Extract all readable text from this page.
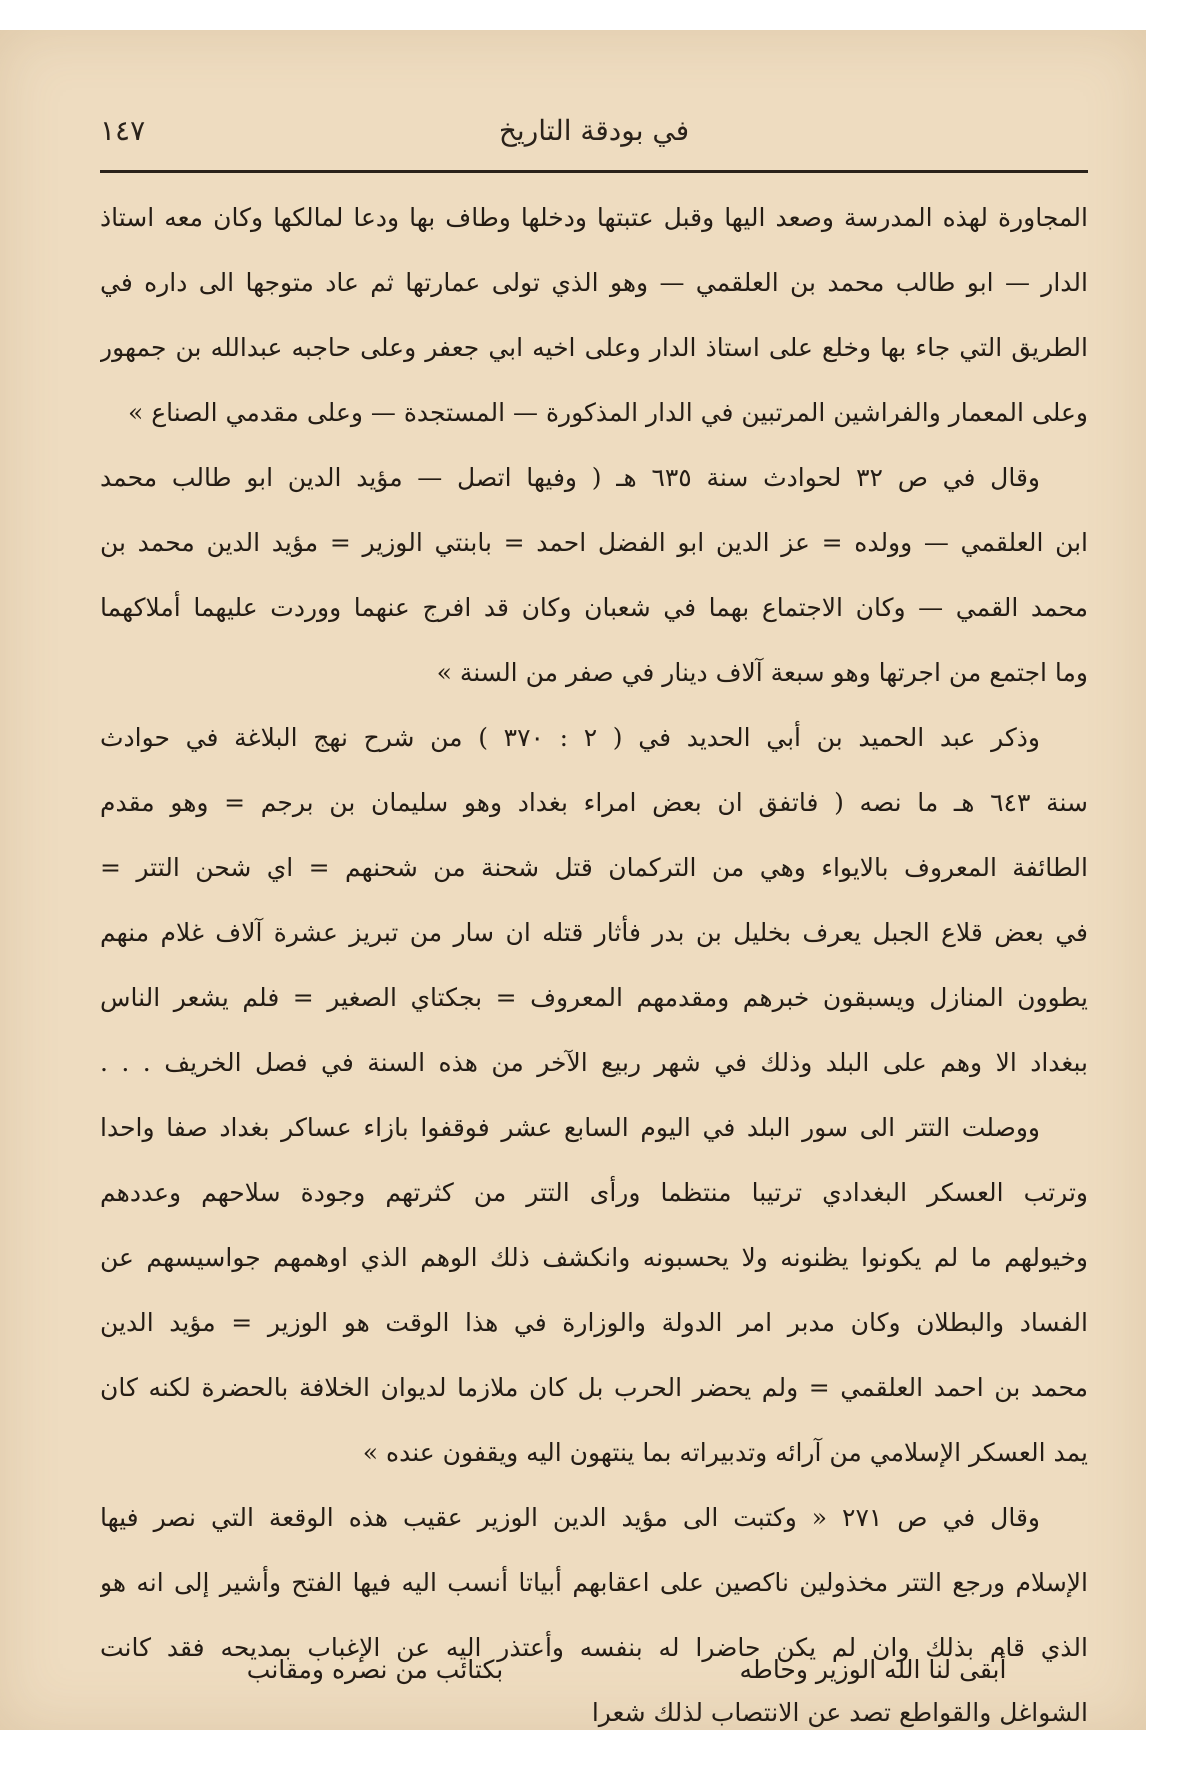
في بودقة التاريخ
١٤٧
المجاورة لهذه المدرسة وصعد اليها وقبل عتبتها ودخلها وطاف بها ودعا لمالكها وكان معه استاذ
الدار — ابو طالب محمد بن العلقمي — وهو الذي تولى عمارتها ثم عاد متوجها الى داره في
الطريق التي جاء بها وخلع على استاذ الدار وعلى اخيه ابي جعفر وعلى حاجبه عبدالله بن جمهور
وعلى المعمار والفراشين المرتبين في الدار المذكورة — المستجدة — وعلى مقدمي الصناع »
وقال في ص ٣٢ لحوادث سنة ٦٣٥ هـ ( وفيها اتصل — مؤيد الدين ابو طالب محمد
ابن العلقمي — وولده = عز الدين ابو الفضل احمد = بابنتي الوزير = مؤيد الدين محمد بن
محمد القمي — وكان الاجتماع بهما في شعبان وكان قد افرج عنهما ووردت عليهما أملاكهما
وما اجتمع من اجرتها وهو سبعة آلاف دينار في صفر من السنة »
وذكر عبد الحميد بن أبي الحديد في ( ٢ : ٣٧٠ ) من شرح نهج البلاغة في حوادث
سنة ٦٤٣ هـ ما نصه ( فاتفق ان بعض امراء بغداد وهو سليمان بن برجم = وهو مقدم
الطائفة المعروف بالايواء وهي من التركمان قتل شحنة من شحنهم = اي شحن التتر =
في بعض قلاع الجبل يعرف بخليل بن بدر فأثار قتله ان سار من تبريز عشرة آلاف غلام منهم
يطوون المنازل ويسبقون خبرهم ومقدمهم المعروف = بجكتاي الصغير = فلم يشعر الناس
ببغداد الا وهم على البلد وذلك في شهر ربيع الآخر من هذه السنة في فصل الخريف . . .
ووصلت التتر الى سور البلد في اليوم السابع عشر فوقفوا بازاء عساكر بغداد صفا واحدا
وترتب العسكر البغدادي ترتيبا منتظما ورأى التتر من كثرتهم وجودة سلاحهم وعددهم
وخيولهم ما لم يكونوا يظنونه ولا يحسبونه وانكشف ذلك الوهم الذي اوهمهم جواسيسهم عن
الفساد والبطلان وكان مدبر امر الدولة والوزارة في هذا الوقت هو الوزير = مؤيد الدين
محمد بن احمد العلقمي = ولم يحضر الحرب بل كان ملازما لديوان الخلافة بالحضرة لكنه كان
يمد العسكر الإسلامي من آرائه وتدبيراته بما ينتهون اليه ويقفون عنده »
وقال في ص ٢٧١ « وكتبت الى مؤيد الدين الوزير عقيب هذه الوقعة التي نصر فيها
الإسلام ورجع التتر مخذولين ناكصين على اعقابهم أبياتا أنسب اليه فيها الفتح وأشير إلى انه هو
الذي قام بذلك وان لم يكن حاضرا له بنفسه وأعتذر اليه عن الإغباب بمديحه فقد كانت
الشواغل والقواطع تصد عن الانتصاب لذلك شعرا
أبقى لنا الله الوزير وحاطه
بكتائب من نصره ومقانب
